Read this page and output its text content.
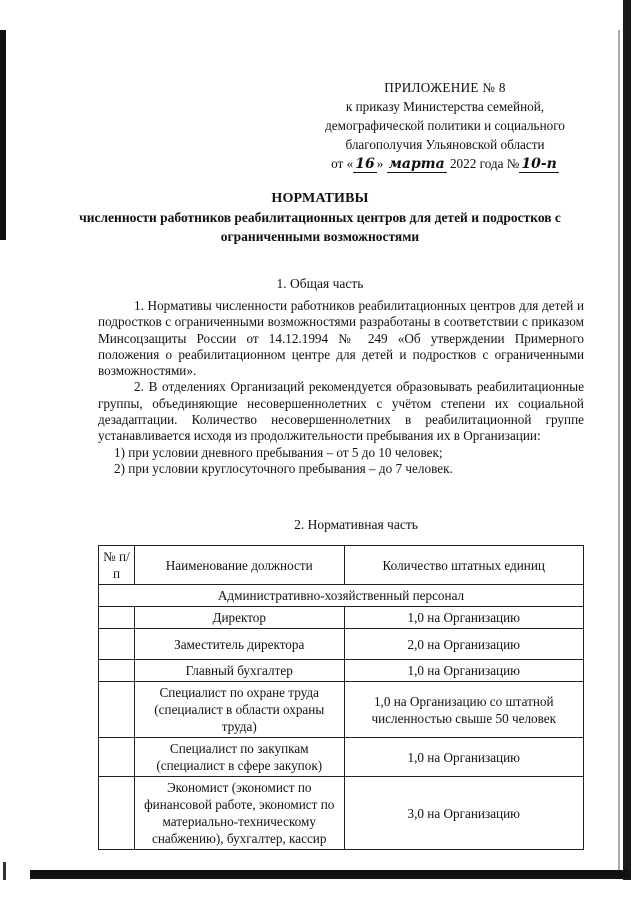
ПРИЛОЖЕНИЕ № 8
к приказу Министерства семейной,
демографической политики и социального
благополучия Ульяновской области
от « 16 » марта 2022 года № 10-п
НОРМАТИВЫ
численности работников реабилитационных центров для детей и подростков с ограниченными возможностями
1. Общая часть

1. Нормативы численности работников реабилитационных центров для детей и подростков с ограниченными возможностями разработаны в соответствии с приказом Минсоцзащиты России от 14.12.1994 № 249 «Об утверждении Примерного положения о реабилитационном центре для детей и подростков с ограниченными возможностями».

2. В отделениях Организаций рекомендуется образовывать реабилитационные группы, объединяющие несовершеннолетних с учётом степени их социальной дезадаптации. Количество несовершеннолетних в реабилитационной группе устанавливается исходя из продолжительности пребывания их в Организации:

1) при условии дневного пребывания – от 5 до 10 человек;
2) при условии круглосуточного пребывания – до 7 человек.
2. Нормативная часть
№ п/п	Наименование должности	Количество штатных единиц
Административно-хозяйственный персонал		
	Директор	1,0 на Организацию
	Заместитель директора	2,0 на Организацию
	Главный бухгалтер	1,0 на Организацию
	Специалист по охране труда (специалист в области охраны труда)	1,0 на Организацию со штатной численностью свыше 50 человек
	Специалист по закупкам (специалист в сфере закупок)	1,0 на Организацию
	Экономист (экономист по финансовой работе, экономист по материально-техническому снабжению), бухгалтер, кассир	3,0 на Организацию
